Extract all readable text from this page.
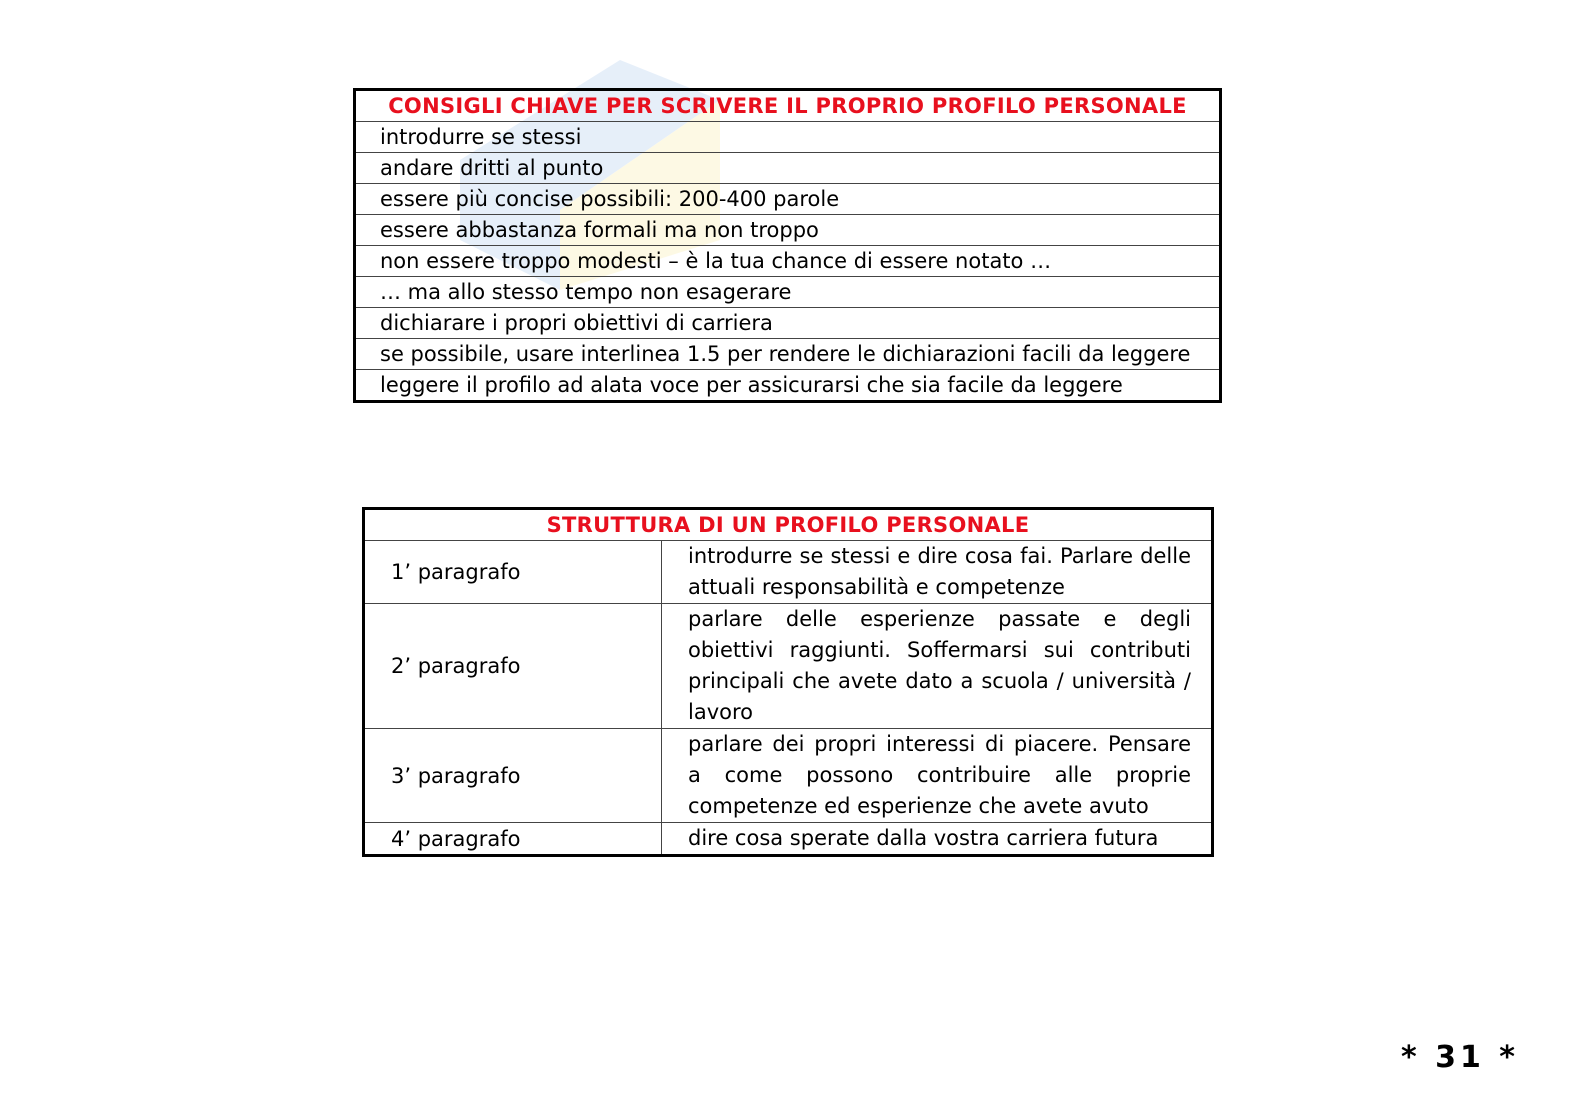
CONSIGLI CHIAVE PER SCRIVERE IL PROPRIO PROFILO PERSONALE
introdurre se stessi
andare dritti al punto
essere più concise possibili: 200-400 parole
essere abbastanza formali ma non troppo
non essere troppo modesti – è la tua chance di essere notato …
… ma allo stesso tempo non esagerare
dichiarare i propri obiettivi di carriera
se possibile, usare interlinea 1.5 per rendere le dichiarazioni facili da leggere
leggere il profilo ad alata voce per assicurarsi che sia facile da leggere
STRUTTURA DI UN PROFILO PERSONALE	
1’ paragrafo	introdurre se stessi e dire cosa fai. Parlare delle attuali responsabilità e competenze
2’ paragrafo	parlare delle esperienze passate e degli obiettivi raggiunti. Soffermarsi sui contributi principali che avete dato a scuola / università / lavoro
3’ paragrafo	parlare dei propri interessi di piacere. Pensare a come possono contribuire alle proprie competenze ed esperienze che avete avuto
4’ paragrafo	dire cosa sperate dalla vostra carriera futura
* 31 *
